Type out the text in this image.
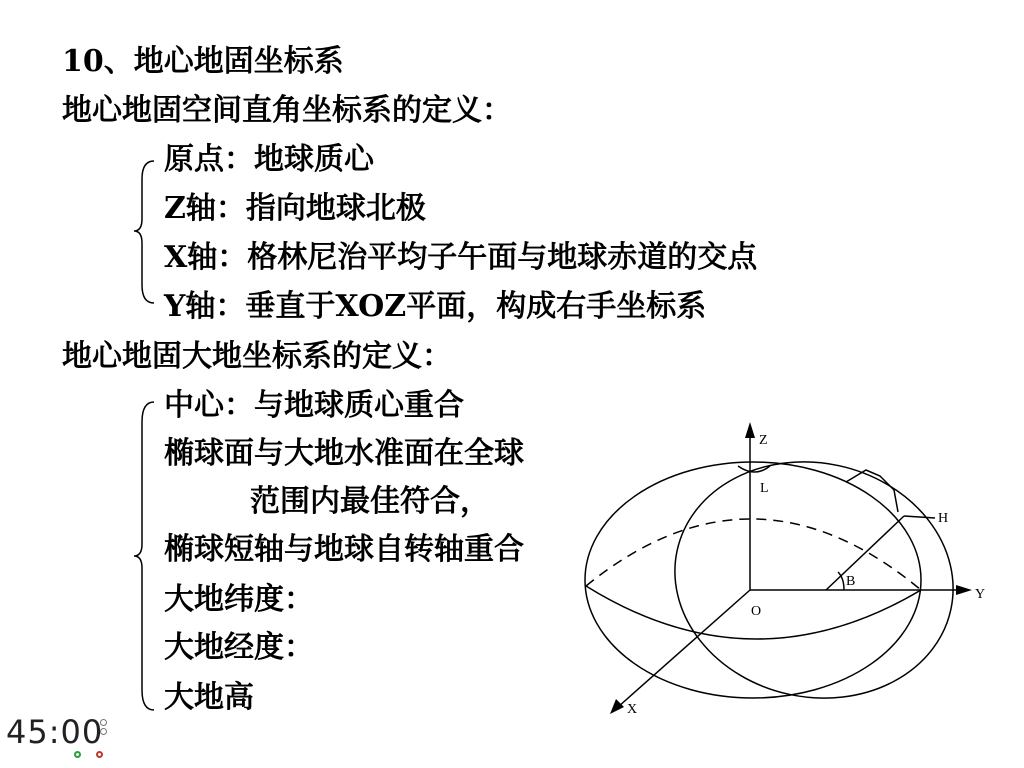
10、地心地固坐标系
地心地固空间直角坐标系的定义：
原点：地球质心
Z轴：指向地球北极
X轴：格林尼治平均子午面与地球赤道的交点
Y轴：垂直于XOZ平面，构成右手坐标系
地心地固大地坐标系的定义：
中心：与地球质心重合
椭球面与大地水准面在全球
范围内最佳符合，
椭球短轴与地球自转轴重合
大地纬度：
大地经度：
大地高
Z
Y
X
O
L
B
H
45:00
